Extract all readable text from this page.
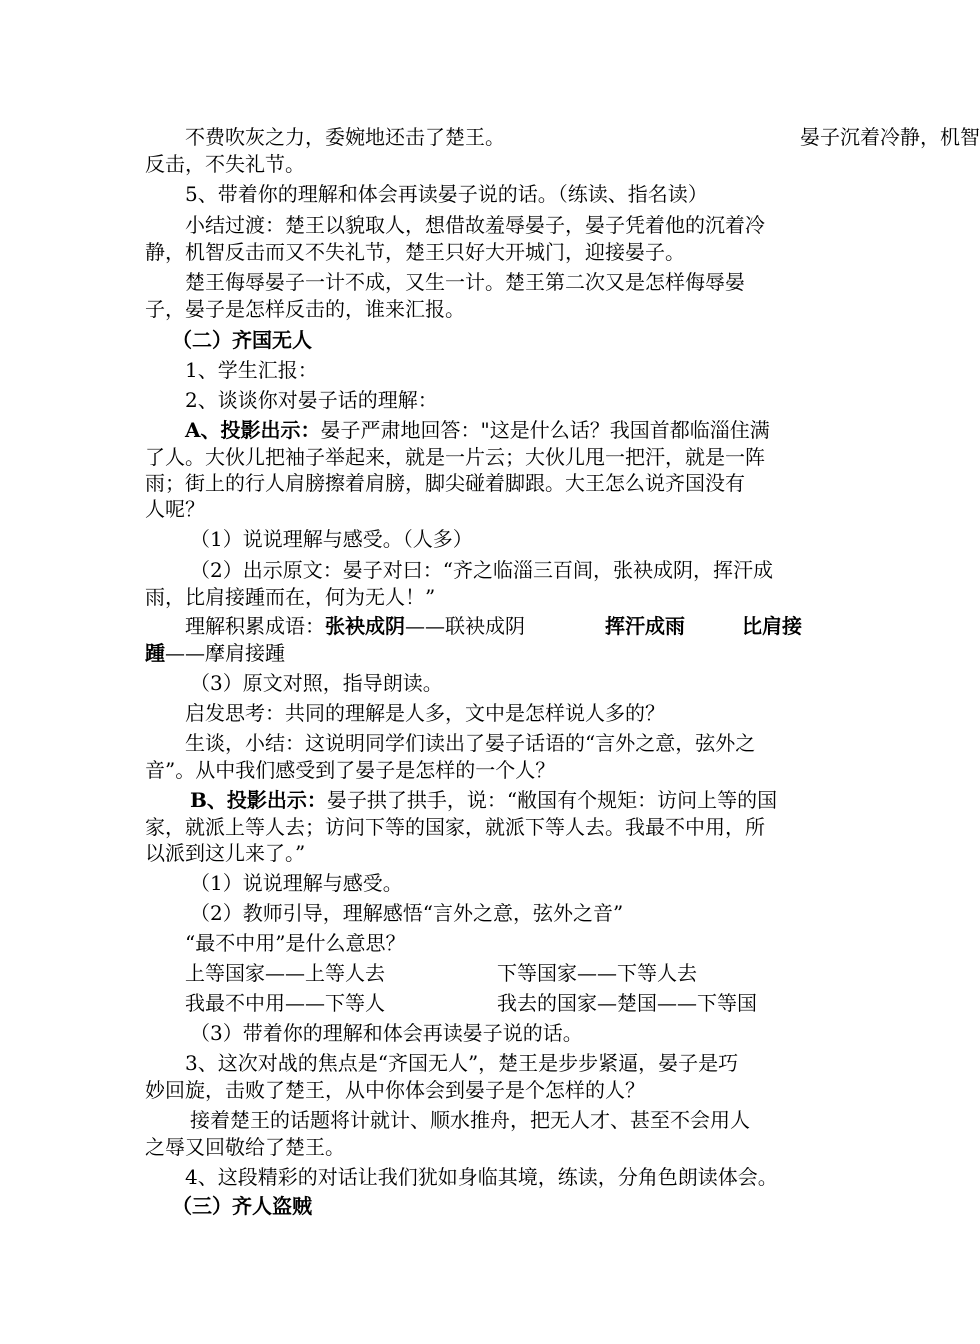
不费吹灰之力，委婉地还击了楚王。	晏子沉着冷静，机智
反击，不失礼节。
5、带着你的理解和体会再读晏子说的话。（练读、指名读）
小结过渡：楚王以貌取人，想借故羞辱晏子，晏子凭着他的沉着冷
静，机智反击而又不失礼节，楚王只好大开城门，迎接晏子。
楚王侮辱晏子一计不成，又生一计。楚王第二次又是怎样侮辱晏
子，晏子是怎样反击的，谁来汇报。
（二）齐国无人
1、学生汇报：
2、谈谈你对晏子话的理解：
A、投影出示：晏子严肃地回答："这是什么话？我国首都临淄住满
了人。大伙儿把袖子举起来，就是一片云；大伙儿甩一把汗，就是一阵
雨；街上的行人肩膀擦着肩膀，脚尖碰着脚跟。大王怎么说齐国没有
人呢？
（1）说说理解与感受。（人多）
（2）出示原文：晏子对曰：“齐之临淄三百闾，张袂成阴，挥汗成
雨，比肩接踵而在，何为无人！”
理解积累成语：张袂成阴——联袂成阴	挥汗成雨	比肩接
踵——摩肩接踵
（3）原文对照，指导朗读。
启发思考：共同的理解是人多，文中是怎样说人多的？
生谈，小结：这说明同学们读出了晏子话语的“言外之意，弦外之
音”。从中我们感受到了晏子是怎样的一个人？
B、投影出示：晏子拱了拱手，说：“敝国有个规矩：访问上等的国
家，就派上等人去；访问下等的国家，就派下等人去。我最不中用，所
以派到这儿来了。”
（1）说说理解与感受。
（2）教师引导，理解感悟“言外之意，弦外之音”
“最不中用”是什么意思？
上等国家——上等人去	下等国家——下等人去
我最不中用——下等人	我去的国家—楚国——下等国
（3）带着你的理解和体会再读晏子说的话。
3、这次对战的焦点是“齐国无人”，楚王是步步紧逼，晏子是巧
妙回旋，击败了楚王，从中你体会到晏子是个怎样的人？
接着楚王的话题将计就计、顺水推舟，把无人才、甚至不会用人
之辱又回敬给了楚王。
4、这段精彩的对话让我们犹如身临其境，练读，分角色朗读体会。
（三）齐人盗贼
